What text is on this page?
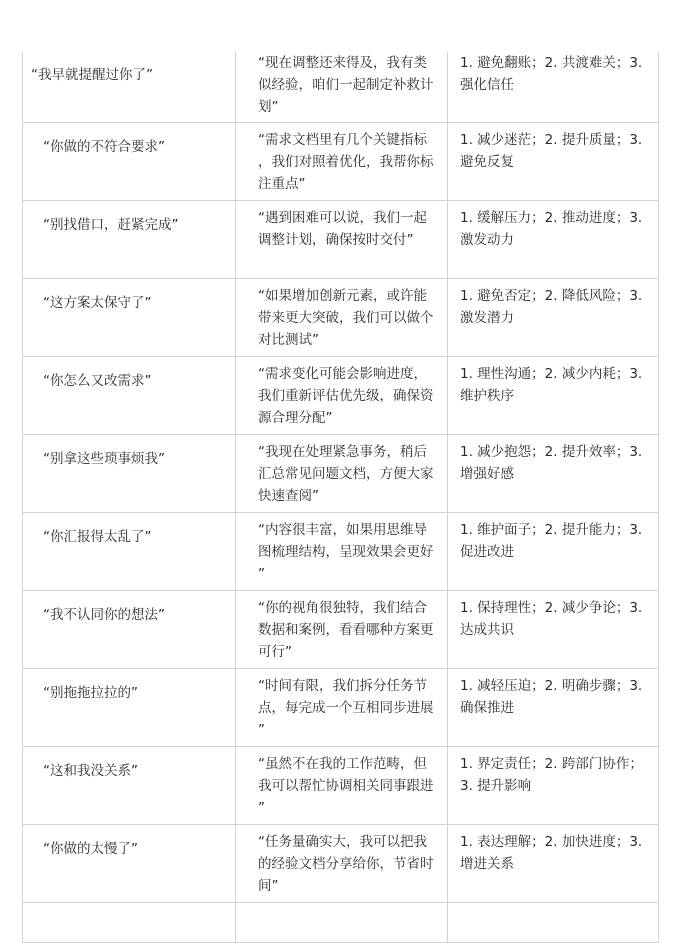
“我早就提醒过你了”	“现在调整还来得及，我有类
似经验，咱们一起制定补救计
划”	1. 避免翻账；2. 共渡难关；3.
强化信任

“你做的不符合要求”	“需求文档里有几个关键指标
，我们对照着优化，我帮你标
注重点”	1. 减少迷茫；2. 提升质量；3.
避免反复

“别找借口，赶紧完成”	“遇到困难可以说，我们一起
调整计划，确保按时交付”	1. 缓解压力；2. 推动进度；3.
激发动力

“这方案太保守了”	“如果增加创新元素，或许能
带来更大突破，我们可以做个
对比测试”	1. 避免否定；2. 降低风险；3.
激发潜力

“你怎么又改需求”	“需求变化可能会影响进度，
我们重新评估优先级，确保资
源合理分配”	1. 理性沟通；2. 减少内耗；3.
维护秩序

“别拿这些琐事烦我”	“我现在处理紧急事务，稍后
汇总常见问题文档，方便大家
快速查阅”	1. 减少抱怨；2. 提升效率；3.
增强好感

“你汇报得太乱了”	“内容很丰富，如果用思维导
图梳理结构，呈现效果会更好
”	1. 维护面子；2. 提升能力；3.
促进改进

“我不认同你的想法”	“你的视角很独特，我们结合
数据和案例，看看哪种方案更
可行”	1. 保持理性；2. 减少争论；3.
达成共识

“别拖拖拉拉的”	“时间有限，我们拆分任务节
点，每完成一个互相同步进展
”	1. 减轻压迫；2. 明确步骤；3.
确保推进

“这和我没关系”	“虽然不在我的工作范畴，但
我可以帮忙协调相关同事跟进
”	1. 界定责任；2. 跨部门协作；
3. 提升影响

“你做的太慢了”	“任务量确实大，我可以把我
的经验文档分享给你，节省时
间”	1. 表达理解；2. 加快进度；3.
增进关系
